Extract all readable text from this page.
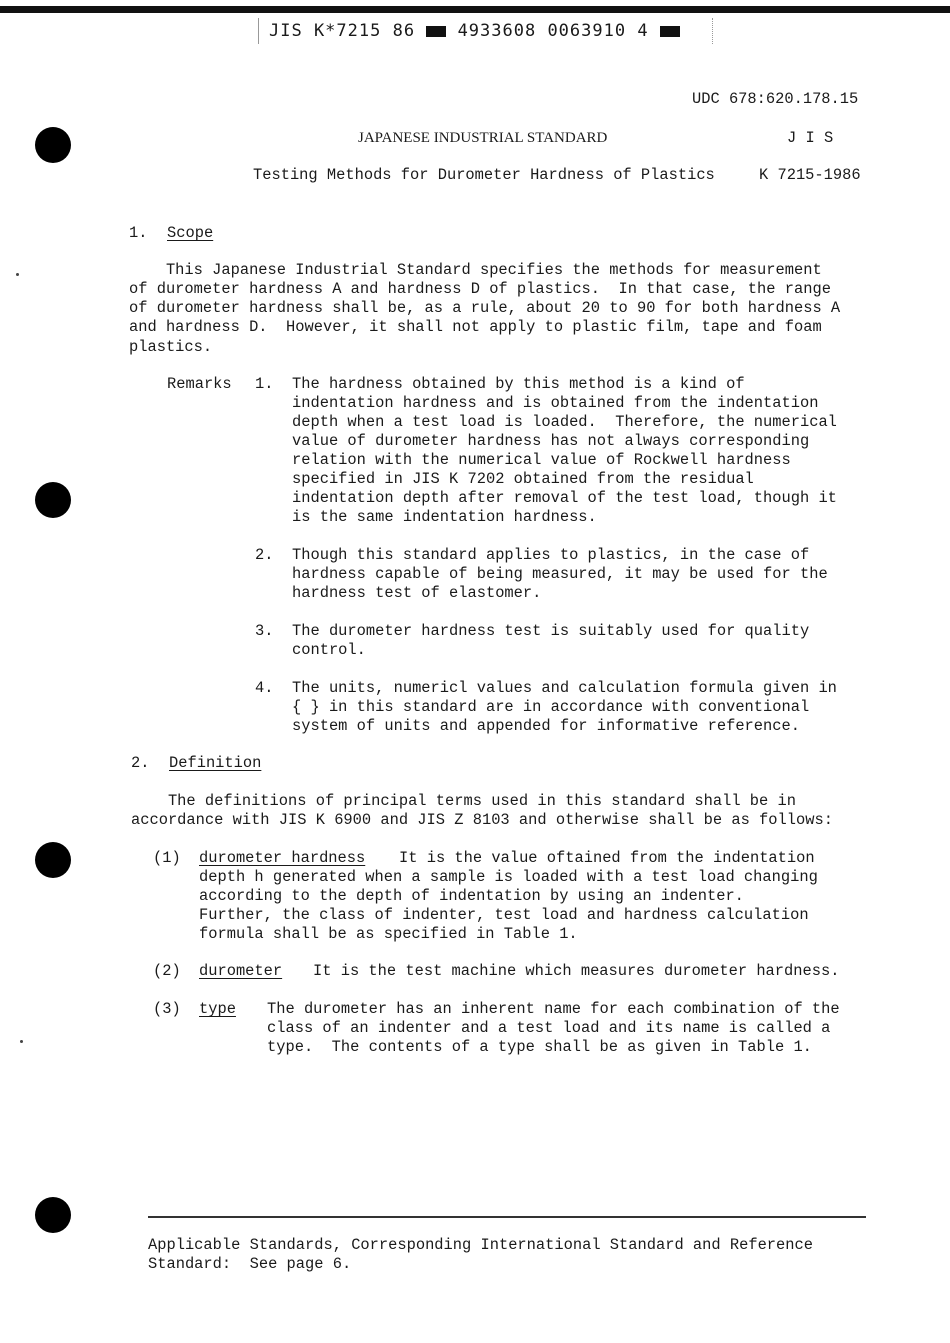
JIS K*7215 86	4933608 0063910 4
UDC 678:620.178.15
JAPANESE INDUSTRIAL STANDARD	J I S
Testing Methods for Durometer Hardness of Plastics	K 7215-1986
1. Scope
This Japanese Industrial Standard specifies the methods for measurement
of durometer hardness A and hardness D of plastics.  In that case, the range
of durometer hardness shall be, as a rule, about 20 to 90 for both hardness A
and hardness D.  However, it shall not apply to plastic film, tape and foam
plastics.
Remarks 1. The hardness obtained by this method is a kind of
indentation hardness and is obtained from the indentation
depth when a test load is loaded.  Therefore, the numerical
value of durometer hardness has not always corresponding
relation with the numerical value of Rockwell hardness
specified in JIS K 7202 obtained from the residual
indentation depth after removal of the test load, though it
is the same indentation hardness.
2. Though this standard applies to plastics, in the case of
hardness capable of being measured, it may be used for the
hardness test of elastomer.
3. The durometer hardness test is suitably used for quality
control.
4. The units, numericl values and calculation formula given in
{ } in this standard are in accordance with conventional
system of units and appended for informative reference.
2. Definition
The definitions of principal terms used in this standard shall be in
accordance with JIS K 6900 and JIS Z 8103 and otherwise shall be as follows:
(1) durometer hardness It is the value oftained from the indentation
depth h generated when a sample is loaded with a test load changing
according to the depth of indentation by using an indenter.
Further, the class of indenter, test load and hardness calculation
formula shall be as specified in Table 1.
(2) durometer It is the test machine which measures durometer hardness.
(3) type The durometer has an inherent name for each combination of the
class of an indenter and a test load and its name is called a
type.  The contents of a type shall be as given in Table 1.
Applicable Standards, Corresponding International Standard and Reference
Standard:  See page 6.
